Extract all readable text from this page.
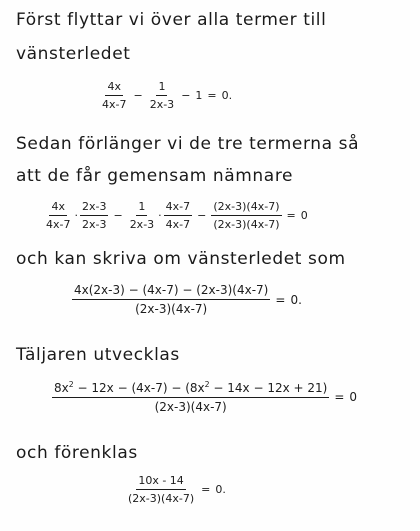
Först flyttar vi över alla termer till
vänsterledet
$\frac{4x}{4x-7} - \frac{1}{2x-3} - 1 = 0$.
Sedan förlänger vi de tre termerna så
att de får gemensam nämnare
$\frac{4x}{4x-7} \cdot \frac{2x-3}{2x-3} - \frac{1}{2x-3} \cdot \frac{4x-7}{4x-7} - \frac{(2x-3)(4x-7)}{(2x-3)(4x-7)} = 0$
och kan skriva om vänsterledet som
$\frac{4x(2x-3) - (4x-7) - (2x-3)(4x-7)}{(2x-3)(4x-7)} = 0$.
Täljaren utvecklas
$\frac{8x^2 - 12x - (4x-7) - (8x^2 - 14x - 12x + 21)}{(2x-3)(4x-7)} = 0$
och förenklas
$\frac{10x - 14}{(2x-3)(4x-7)} = 0$.
